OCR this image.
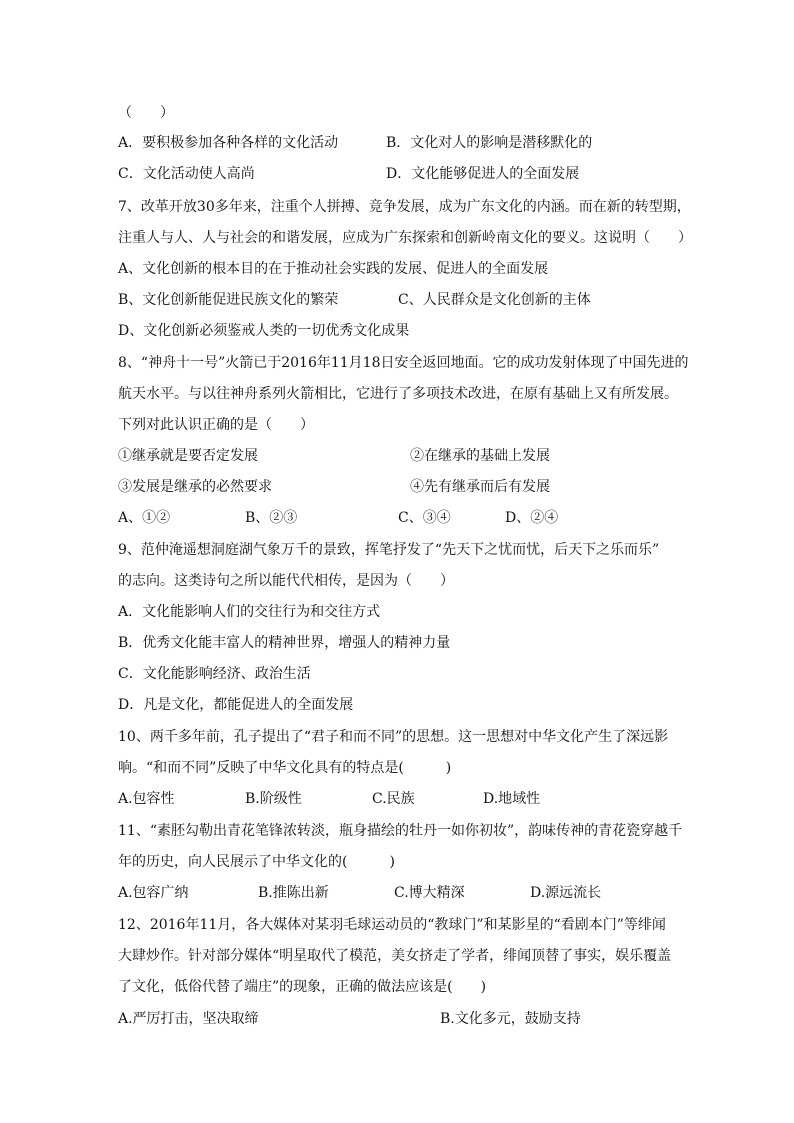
（　　）
A．要积极参加各种各样的文化活动	B．文化对人的影响是潜移默化的
C．文化活动使人高尚	D．文化能够促进人的全面发展
7、改革开放30多年来，注重个人拼搏、竞争发展，成为广东文化的内涵。而在新的转型期，
注重人与人、人与社会的和谐发展，应成为广东探索和创新岭南文化的要义。这说明（　　）
A、文化创新的根本目的在于推动社会实践的发展、促进人的全面发展
B、文化创新能促进民族文化的繁荣	C、人民群众是文化创新的主体
D、文化创新必须鉴戒人类的一切优秀文化成果
8、“神舟十一号”火箭已于2016年11月18日安全返回地面。它的成功发射体现了中国先进的
航天水平。与以往神舟系列火箭相比，它进行了多项技术改进，在原有基础上又有所发展。
下列对此认识正确的是（　　）
①继承就是要否定发展	②在继承的基础上发展
③发展是继承的必然要求	④先有继承而后有发展
A、①②	B、②③	C、③④	D、②④
9、范仲淹遥想洞庭湖气象万千的景致，挥笔抒发了“先天下之忧而忧，后天下之乐而乐”
的志向。这类诗句之所以能代代相传，是因为（　　）
A．文化能影响人们的交往行为和交往方式
B．优秀文化能丰富人的精神世界，增强人的精神力量
C．文化能影响经济、政治生活
D．凡是文化，都能促进人的全面发展
10、两千多年前，孔子提出了“君子和而不同”的思想。这一思想对中华文化产生了深远影
响。“和而不同”反映了中华文化具有的特点是(　　　)
A.包容性	B.阶级性	C.民族	D.地域性
11、“素胚勾勒出青花笔锋浓转淡，瓶身描绘的牡丹一如你初妆”，韵味传神的青花瓷穿越千
年的历史，向人民展示了中华文化的(　　　)
A.包容广纳	B.推陈出新	C.博大精深	D.源远流长
12、2016年11月，各大媒体对某羽毛球运动员的“教球门”和某影星的“看剧本门”等绯闻
大肆炒作。针对部分媒体“明星取代了模范，美女挤走了学者，绯闻顶替了事实，娱乐覆盖
了文化，低俗代替了端庄”的现象，正确的做法应该是(　　)
A.严厉打击，坚决取缔	B.文化多元，鼓励支持
